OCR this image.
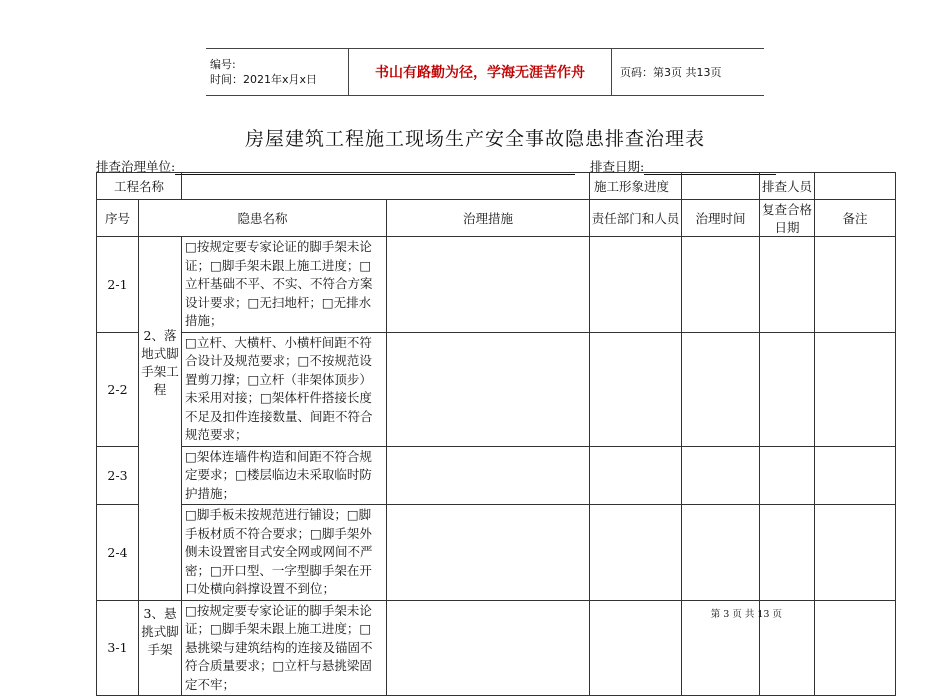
编号:
时间：2021年x月x日	书山有路勤为径，学海无涯苦作舟	页码：第3页 共13页
房屋建筑工程施工现场生产安全事故隐患排查治理表
排查治理单位:	排查日期:
工程名称				施工形象进度		排查人员	
序号	隐患名称		治理措施	责任部门和人员	治理时间	复查合格日期	备注
2-1	2、落地式脚手架工程	□按规定要专家论证的脚手架未论证；□脚手架未跟上施工进度；□立杆基础不平、不实、不符合方案设计要求；□无扫地杆；□无排水措施；					
2-2		□立杆、大横杆、小横杆间距不符合设计及规范要求；□不按规范设置剪刀撑；□立杆（非架体顶步）未采用对接；□架体杆件搭接长度不足及扣件连接数量、间距不符合规范要求；					
2-3		□架体连墙件构造和间距不符合规定要求；□楼层临边未采取临时防护措施；					
2-4		□脚手板未按规范进行铺设；□脚手板材质不符合要求；□脚手架外侧未设置密目式安全网或网间不严密；□开口型、一字型脚手架在开口处横向斜撑设置不到位；					
3-1	3、悬挑式脚手架	□按规定要专家论证的脚手架未论证；□脚手架未跟上施工进度；□悬挑梁与建筑结构的连接及锚固不符合质量要求；□立杆与悬挑梁固定不牢；					
第 3 页 共 13 页
